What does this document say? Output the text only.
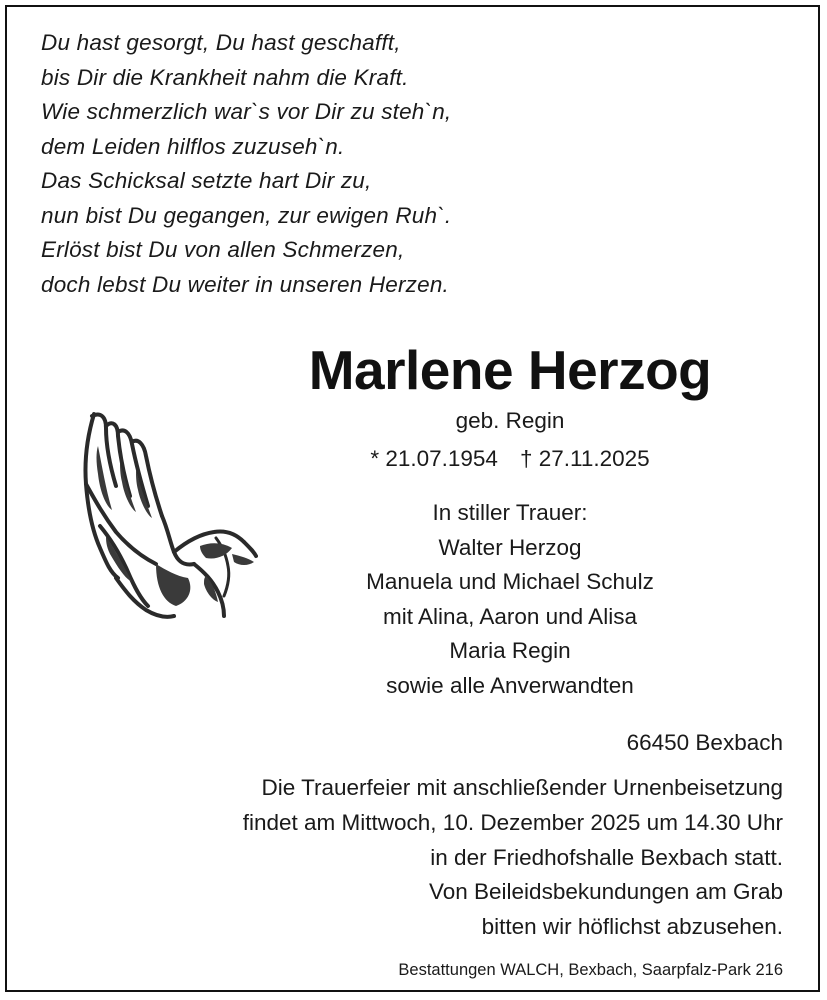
Du hast gesorgt, Du hast geschafft,
bis Dir die Krankheit nahm die Kraft.
Wie schmerzlich war`s vor Dir zu steh`n,
dem Leiden hilflos zuzuseh`n.
Das Schicksal setzte hart Dir zu,
nun bist Du gegangen, zur ewigen Ruh`.
Erlöst bist Du von allen Schmerzen,
doch lebst Du weiter in unseren Herzen.
Marlene Herzog
geb. Regin
* 21.07.1954 † 27.11.2025
In stiller Trauer:
Walter Herzog
Manuela und Michael Schulz
mit Alina, Aaron und Alisa
Maria Regin
sowie alle Anverwandten
66450 Bexbach
Die Trauerfeier mit anschließender Urnenbeisetzung
findet am Mittwoch, 10. Dezember 2025 um 14.30 Uhr
in der Friedhofshalle Bexbach statt.
Von Beileidsbekundungen am Grab
bitten wir höflichst abzusehen.
Bestattungen WALCH, Bexbach, Saarpfalz-Park 216
